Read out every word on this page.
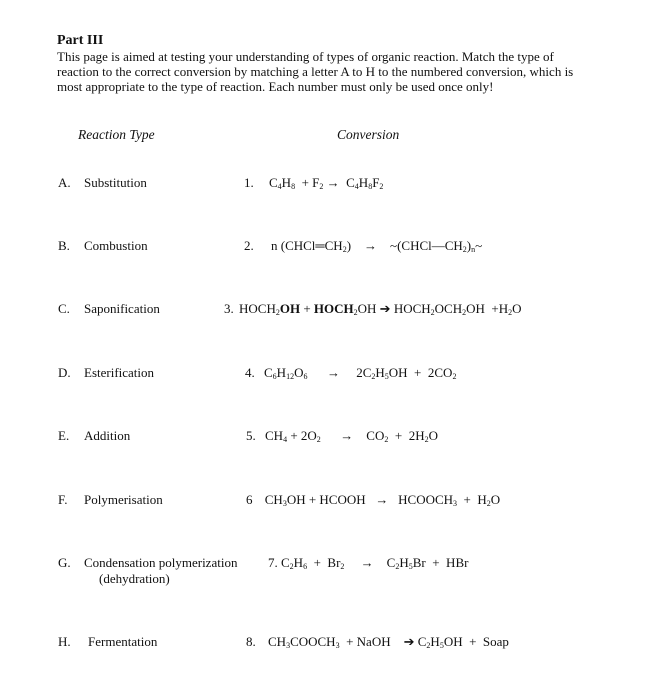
Part III
This page is aimed at testing your understanding of types of organic reaction. Match the type of reaction to the correct conversion by matching a letter A to H to the numbered conversion, which is most appropriate to the type of reaction. Each number must only be used once only!
Reaction Type	Conversion
A. Substitution
B. Combustion
C. Saponification
D. Esterification
E. Addition
F. Polymerisation
G. Condensation polymerization
(dehydration)
H. Fermentation
1. $C_4H_8 + F_2 \to C_4H_8F_2$
2. n $(CHCl═CH_2)$    →    $\sim(CHCl—CH_2)_n\sim$
3. $HOCH_2OH$ + $HOCH_2OH$ ➔ $HOCH_2OCH_2OH +H_2O$
4. $C_6H_{12}O_6$      →     $2C_2H_5OH + 2CO_2$
5. $CH_4 + 2O_2$      →    $CO_2 + 2H_2O$
6 $CH_3OH$ + HCOOH   →   $HCOOCH_3 + H_2O$
7. $C_2H_6 + Br_2$     →    $C_2H_5Br$  +  HBr
8. $CH_3COOCH_3$  + NaOH    ➔ $C_2H_5OH$  +  Soap
